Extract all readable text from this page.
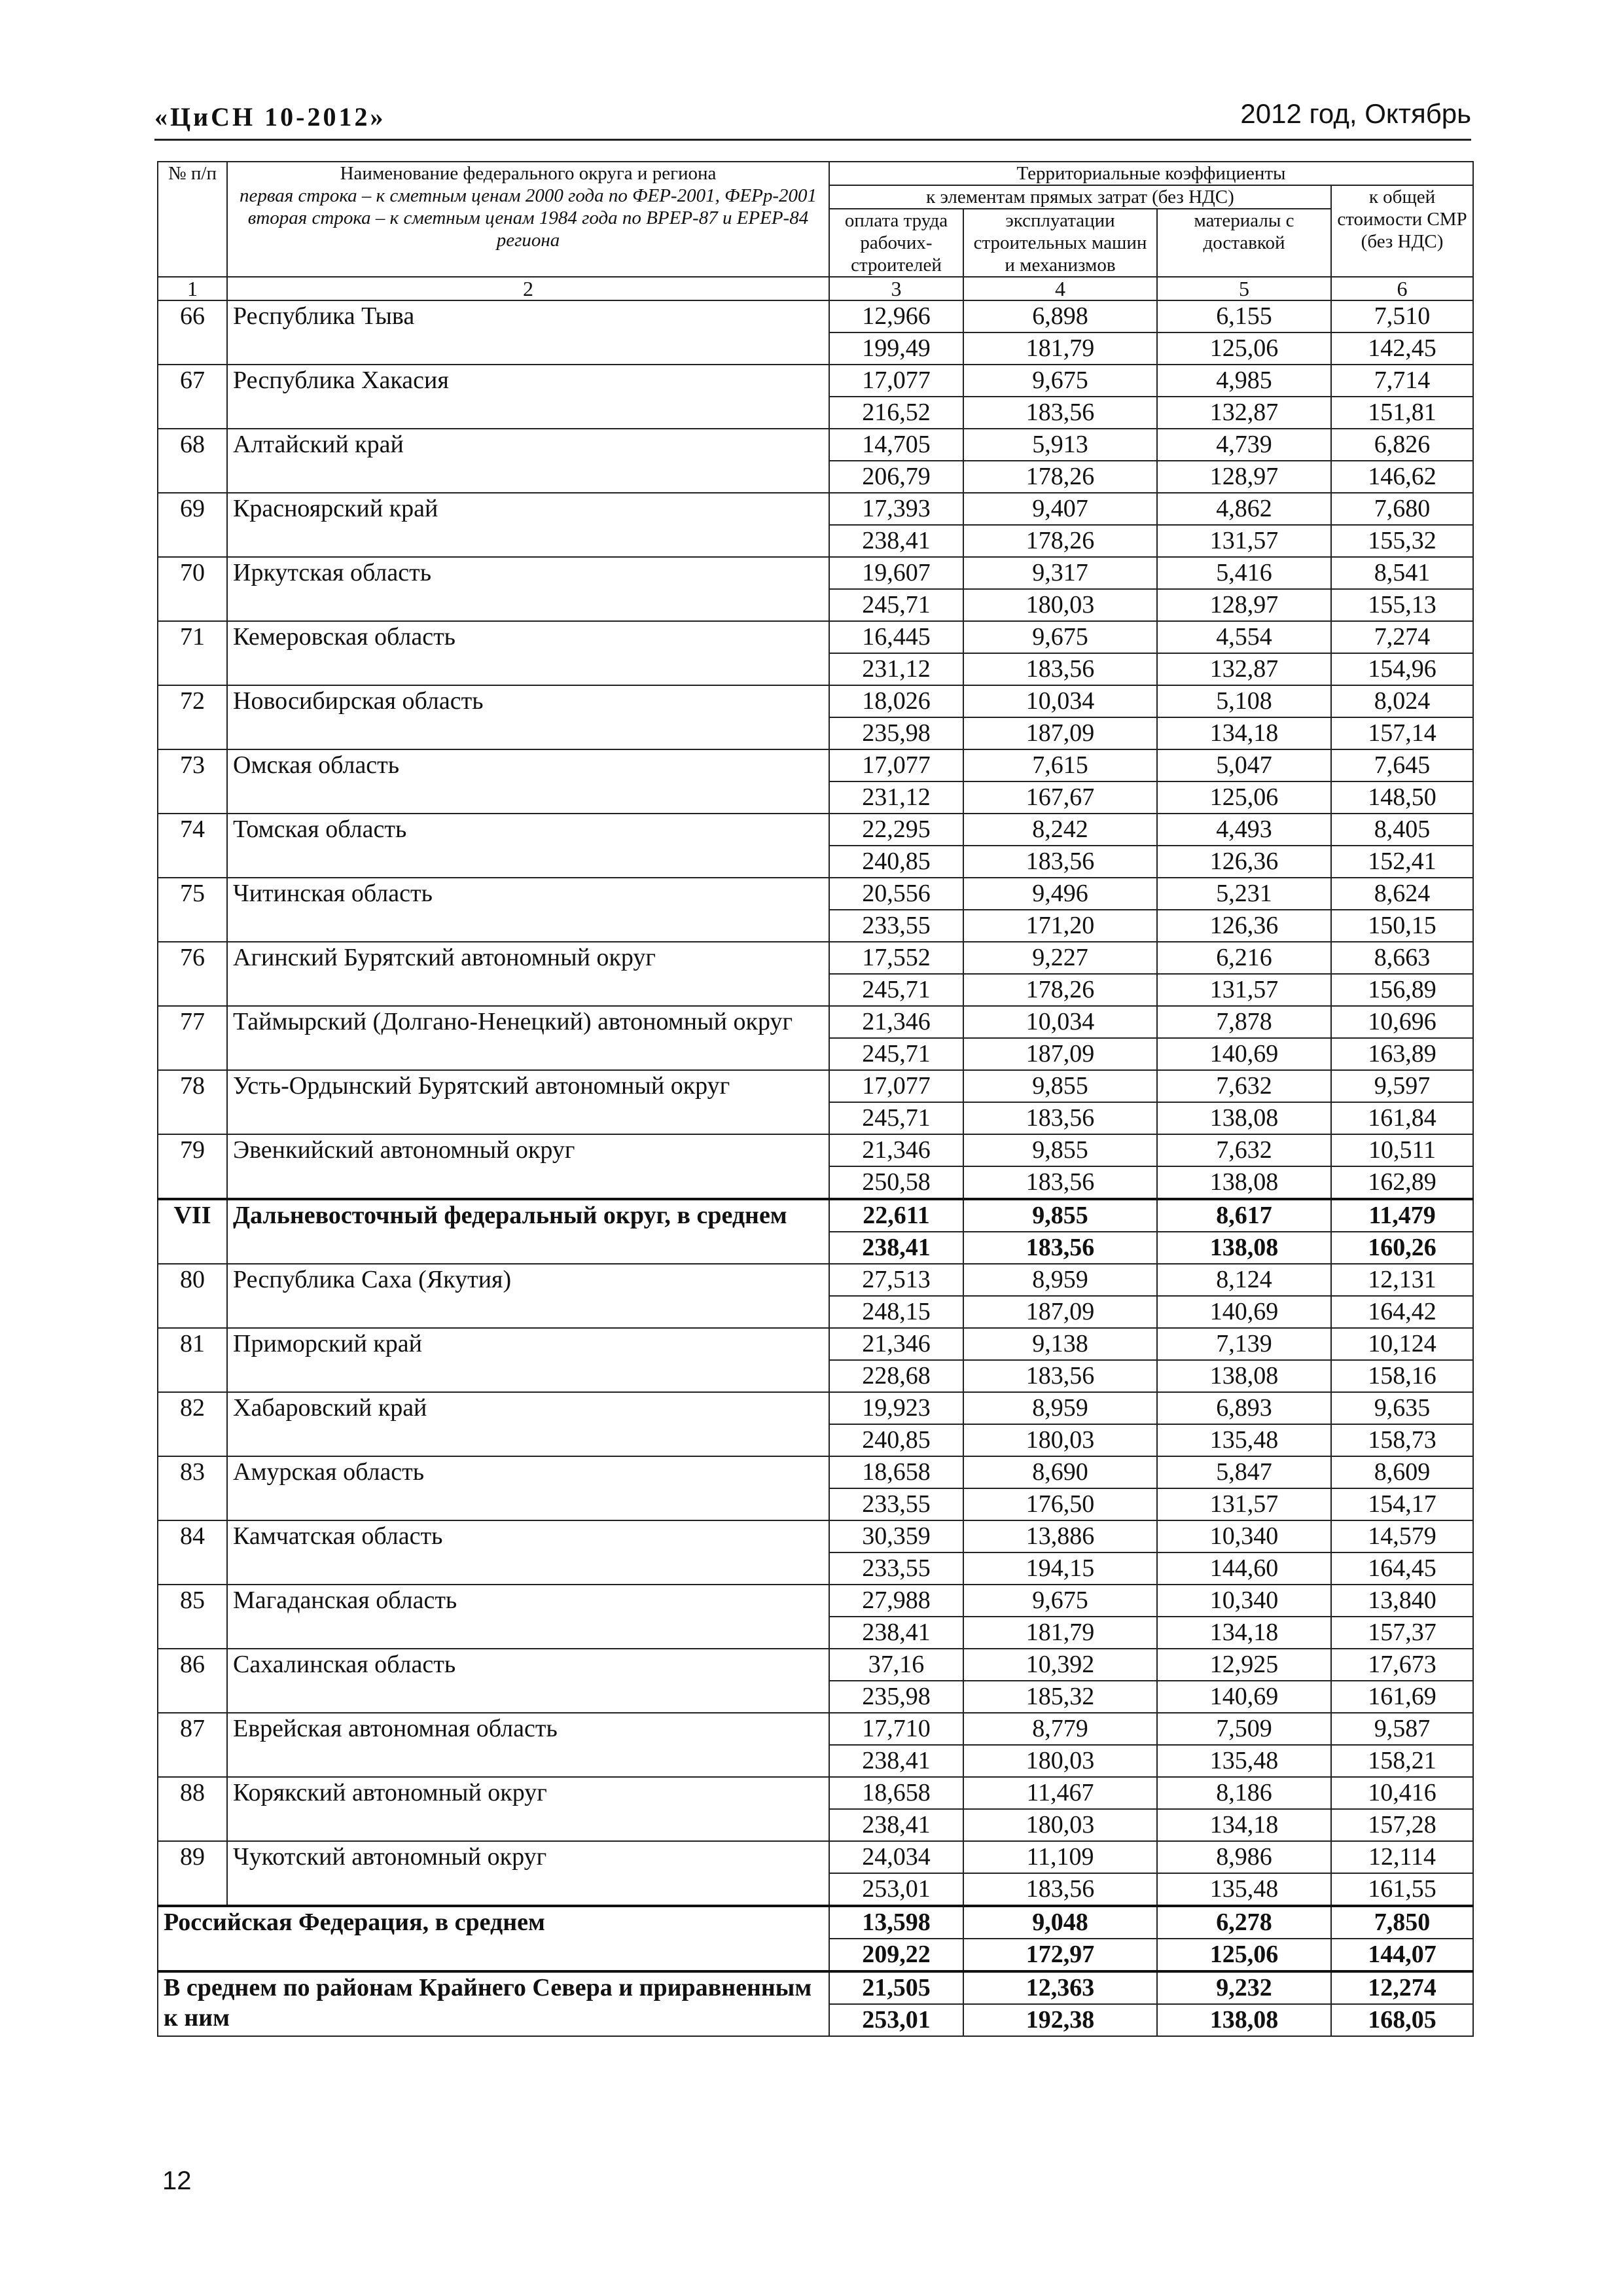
«ЦиСН 10-2012»	2012 год, Октябрь
№ п/п	Наименование федерального округа и региона
первая строка – к сметным ценам 2000 года по ФЕР-2001, ФЕРр-2001
вторая строка – к сметным ценам 1984 года по ВРЕР-87 и ЕРЕР-84 региона	Территориальные коэффициенты			
		к элементам прямых затрат (без НДС)			к общей стоимости СМР (без НДС)
		оплата труда рабочих-строителей	эксплуатации строительных машин и механизмов	материалы с доставкой	
1	2	3	4	5	6
66	Республика Тыва	12,966	6,898	6,155	7,510
		199,49	181,79	125,06	142,45
67	Республика Хакасия	17,077	9,675	4,985	7,714
		216,52	183,56	132,87	151,81
68	Алтайский край	14,705	5,913	4,739	6,826
		206,79	178,26	128,97	146,62
69	Красноярский край	17,393	9,407	4,862	7,680
		238,41	178,26	131,57	155,32
70	Иркутская область	19,607	9,317	5,416	8,541
		245,71	180,03	128,97	155,13
71	Кемеровская область	16,445	9,675	4,554	7,274
		231,12	183,56	132,87	154,96
72	Новосибирская область	18,026	10,034	5,108	8,024
		235,98	187,09	134,18	157,14
73	Омская область	17,077	7,615	5,047	7,645
		231,12	167,67	125,06	148,50
74	Томская область	22,295	8,242	4,493	8,405
		240,85	183,56	126,36	152,41
75	Читинская область	20,556	9,496	5,231	8,624
		233,55	171,20	126,36	150,15
76	Агинский Бурятский автономный округ	17,552	9,227	6,216	8,663
		245,71	178,26	131,57	156,89
77	Таймырский (Долгано-Ненецкий) автономный округ	21,346	10,034	7,878	10,696
		245,71	187,09	140,69	163,89
78	Усть-Ордынский Бурятский автономный округ	17,077	9,855	7,632	9,597
		245,71	183,56	138,08	161,84
79	Эвенкийский автономный округ	21,346	9,855	7,632	10,511
		250,58	183,56	138,08	162,89
VII	Дальневосточный федеральный округ, в среднем	22,611	9,855	8,617	11,479
		238,41	183,56	138,08	160,26
80	Республика Саха (Якутия)	27,513	8,959	8,124	12,131
		248,15	187,09	140,69	164,42
81	Приморский край	21,346	9,138	7,139	10,124
		228,68	183,56	138,08	158,16
82	Хабаровский край	19,923	8,959	6,893	9,635
		240,85	180,03	135,48	158,73
83	Амурская область	18,658	8,690	5,847	8,609
		233,55	176,50	131,57	154,17
84	Камчатская область	30,359	13,886	10,340	14,579
		233,55	194,15	144,60	164,45
85	Магаданская область	27,988	9,675	10,340	13,840
		238,41	181,79	134,18	157,37
86	Сахалинская область	37,16	10,392	12,925	17,673
		235,98	185,32	140,69	161,69
87	Еврейская автономная область	17,710	8,779	7,509	9,587
		238,41	180,03	135,48	158,21
88	Корякский автономный округ	18,658	11,467	8,186	10,416
		238,41	180,03	134,18	157,28
89	Чукотский автономный округ	24,034	11,109	8,986	12,114
		253,01	183,56	135,48	161,55
Российская Федерация, в среднем		13,598	9,048	6,278	7,850
		209,22	172,97	125,06	144,07
В среднем по районам Крайнего Севера и приравненным к ним		21,505	12,363	9,232	12,274
		253,01	192,38	138,08	168,05
12
